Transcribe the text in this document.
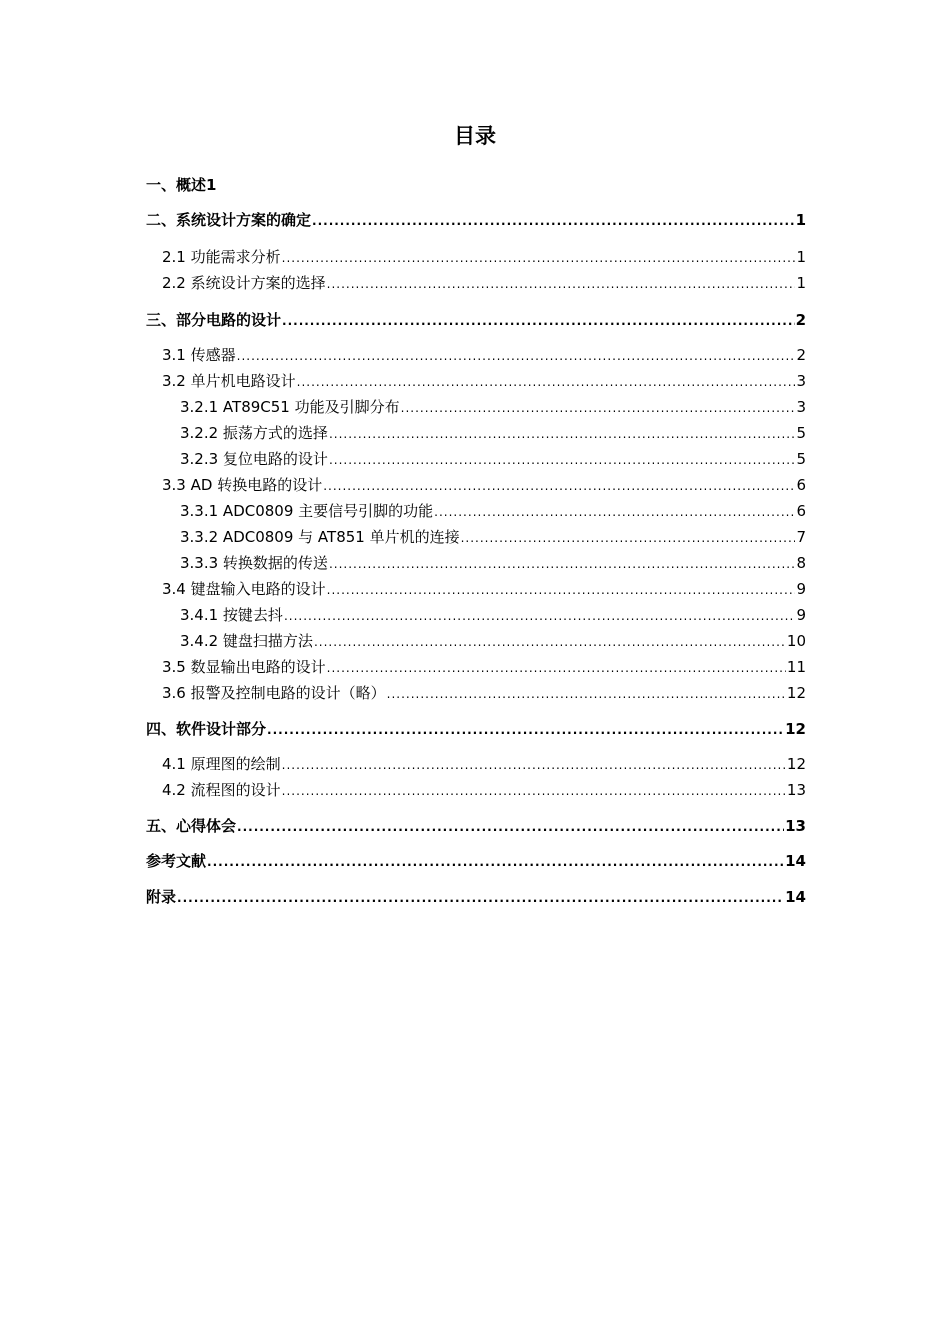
目录
一、概述 1
二、系统设计方案的确定 .....	1
2.1 功能需求分析 .....	1
2.2 系统设计方案的选择 .....	1
三、部分电路的设计 .....	2
3.1 传感器 .....	2
3.2 单片机电路设计 .....	3
3.2.1 AT89C51 功能及引脚分布 .....	3
3.2.2 振荡方式的选择 .....	5
3.2.3 复位电路的设计 .....	5
3.3 AD 转换电路的设计 .....	6
3.3.1 ADC0809 主要信号引脚的功能 .....	6
3.3.2 ADC0809 与 AT851 单片机的连接 .....	7
3.3.3 转换数据的传送 .....	8
3.4 键盘输入电路的设计 .....	9
3.4.1 按键去抖 .....	9
3.4.2 键盘扫描方法 .....	10
3.5 数显输出电路的设计 .....	11
3.6 报警及控制电路的设计（略） .....	12
四、软件设计部分 .....	12
4.1 原理图的绘制 .....	12
4.2 流程图的设计 .....	13
五、心得体会 .....	13
参考文献 .....	14
附录 .....	14
